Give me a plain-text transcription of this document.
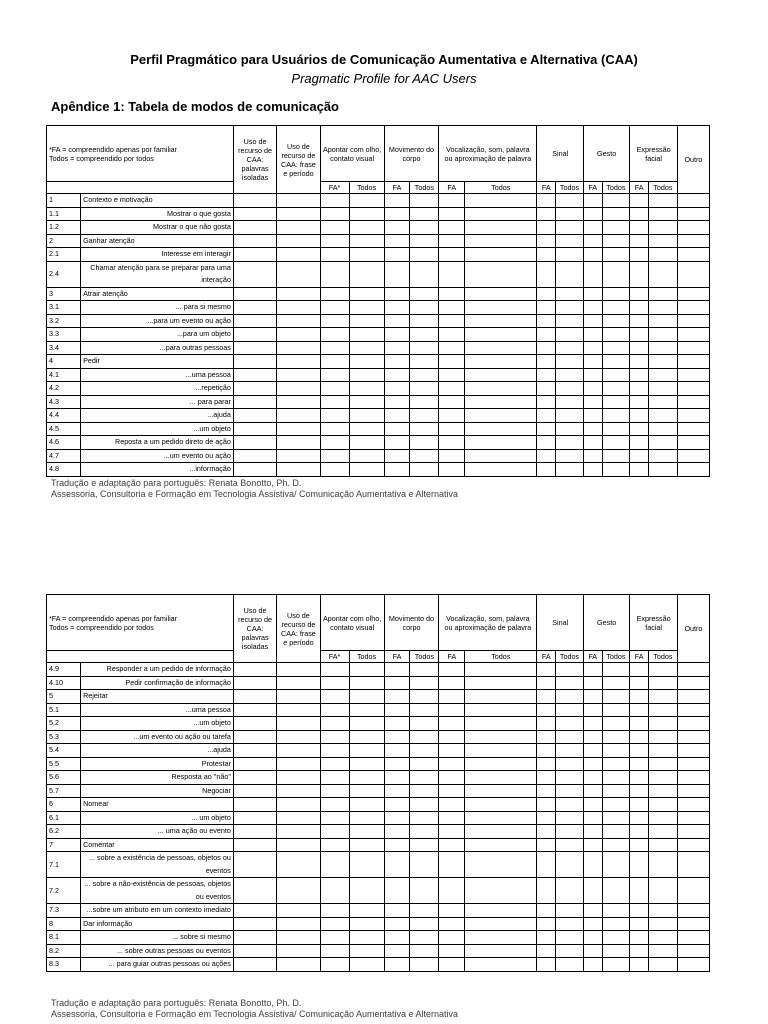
Perfil Pragmático para Usuários de Comunicação Aumentativa e Alternativa (CAA)
Pragmatic Profile for AAC Users
Apêndice 1: Tabela de modos de comunicação
*FA = compreendido apenas por familiar
Todos = compreendido por todos		Uso de recurso de CAA: palavras isoladas	Uso de recurso de CAA: frase e período	Apontar com olho, contato visual		Movimento do corpo		Vocalização, som, palavra ou aproximação de palavra		Sinal		Gesto		Expressão facial		Outro
				FA*	Todos	FA	Todos	FA	Todos	FA	Todos	FA	Todos	FA	Todos	
1	Contexto e motivação															
1.1	Mostrar o que gosta															
1.2	Mostrar o que não gosta															
2	Ganhar atenção															
2.1	Interesse em interagir															
2.4	Chamar atenção para se preparar para uma interação															
3	Atrair atenção															
3.1	... para si mesmo															
3.2	...para um evento ou ação															
3.3	...para um objeto															
3.4	...para outras pessoas															
4	Pedir															
4.1	...uma pessoa															
4.2	...repetição															
4.3	... para parar															
4.4	...ajuda															
4.5	...um objeto															
4.6	Reposta a um pedido direto de ação															
4.7	...um evento ou ação															
4.8	...informação															
Tradução e adaptação para português: Renata Bonotto, Ph. D.
Assessoria, Consultoria e Formação em Tecnologia Assistiva/ Comunicação Aumentativa e Alternativa
*FA = compreendido apenas por familiar
Todos = compreendido por todos		Uso de recurso de CAA: palavras isoladas	Uso de recurso de CAA: frase e período	Apontar com olho, contato visual		Movimento do corpo		Vocalização, som, palavra ou aproximação de palavra		Sinal		Gesto		Expressão facial		Outro
				FA*	Todos	FA	Todos	FA	Todos	FA	Todos	FA	Todos	FA	Todos	
4.9	Responder a um pedido de informação															
4.10	Pedir confirmação de informação															
5	Rejeitar															
5.1	...uma pessoa															
5.2	...um objeto															
5.3	...um evento ou ação ou tarefa															
5.4	...ajuda															
5.5	Protestar															
5.6	Resposta ao "não"															
5.7	Negociar															
6	Nomear															
6.1	... um objeto															
6.2	... uma ação ou evento															
7	Comentar															
7.1	... sobre a existência de pessoas, objetos ou eventos															
7.2	... sobre a não-existência de pessoas, objetos ou eventos															
7.3	...sobre um atributo em um contexto imediato															
8	Dar informação															
8.1	... sobre si mesmo															
8.2	... sobre outras pessoas ou eventos															
8.3	... para guiar outras pessoas ou ações															
Tradução e adaptação para português: Renata Bonotto, Ph. D.
Assessoria, Consultoria e Formação em Tecnologia Assistiva/ Comunicação Aumentativa e Alternativa
